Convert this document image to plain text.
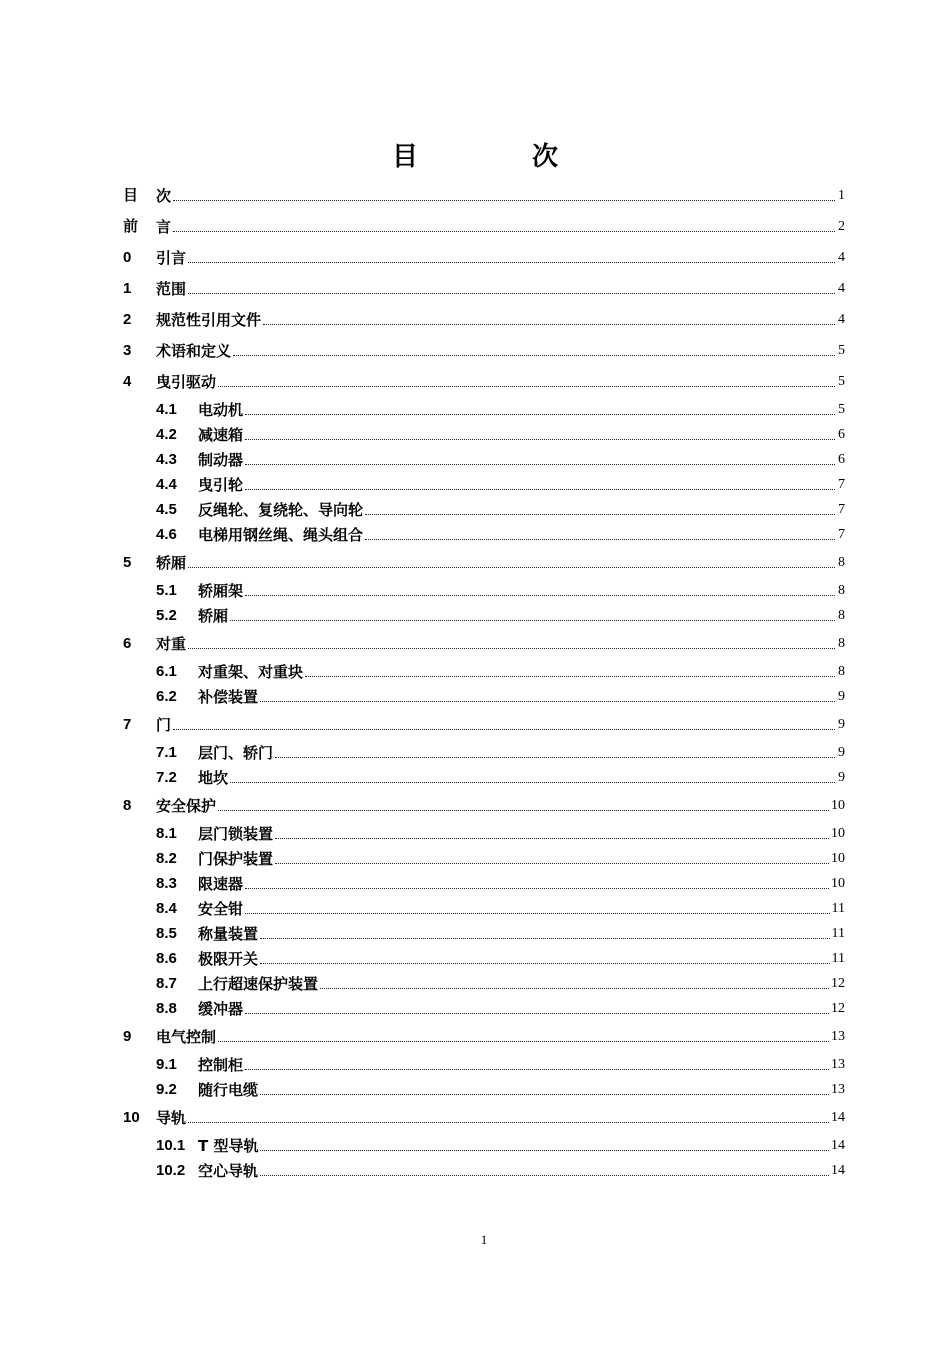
目　次
目	次	1
前	言	2
0	引言	4
1	范围	4
2	规范性引用文件	4
3	术语和定义	5
4	曳引驱动	5
4.1	电动机	5
4.2	减速箱	6
4.3	制动器	6
4.4	曳引轮	7
4.5	反绳轮、复绕轮、导向轮	7
4.6	电梯用钢丝绳、绳头组合	7
5	轿厢	8
5.1	轿厢架	8
5.2	轿厢	8
6	对重	8
6.1	对重架、对重块	8
6.2	补偿装置	9
7	门	9
7.1	层门、轿门	9
7.2	地坎	9
8	安全保护	10
8.1	层门锁装置	10
8.2	门保护装置	10
8.3	限速器	10
8.4	安全钳	11
8.5	称量装置	11
8.6	极限开关	11
8.7	上行超速保护装置	12
8.8	缓冲器	12
9	电气控制	13
9.1	控制柜	13
9.2	随行电缆	13
10	导轨	14
10.1 T 型导轨	14
10.2 空心导轨	14
1
